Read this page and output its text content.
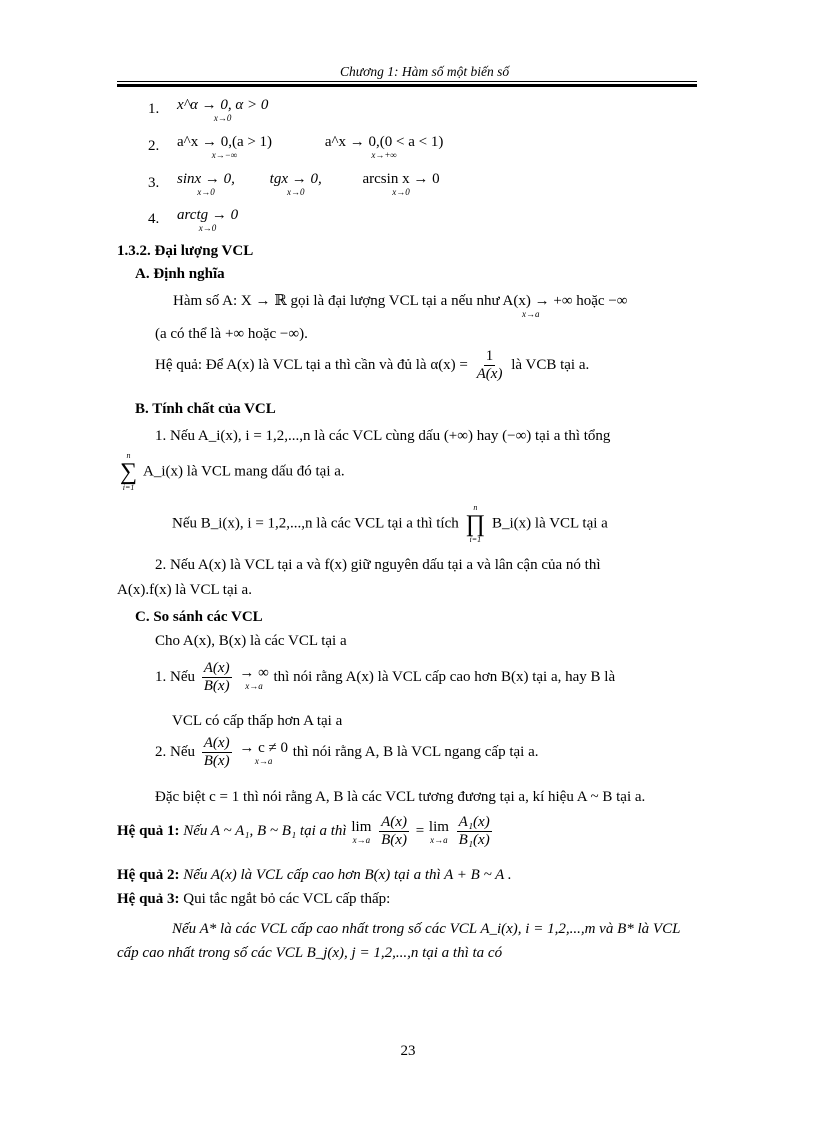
Chương 1: Hàm số một biến số
1. x^α → 0, α > 0
x→0
2. a^x → 0,(a > 1)
x→−∞

a^x → 0,(0 < a < 1)
x→+∞
3. sinx → 0,
x→0

tgx → 0,
x→0

arcsin x → 0
x→0
4. arctg → 0
x→0
1.3.2. Đại lượng VCL
A. Định nghĩa
Hàm số A: X → ℝ gọi là đại lượng VCL tại a nếu như A(x) → +∞ hoặc −∞
x→a
(a có thể là +∞ hoặc −∞).
Hệ quả: Để A(x) là VCL tại a thì cần và đủ là $\alpha(x) = \frac{1}{A(x)}$ là VCB tại a.
B. Tính chất của VCL
1. Nếu A_i(x), i = 1,2,...,n là các VCL cùng dấu (+∞) hay (−∞) tại a thì tổng
n
∑
i=1
A_i(x) là VCL mang dấu đó tại a.
Nếu B_i(x), i = 1,2,...,n là các VCL tại a thì tích
n
∏
i=1
B_i(x) là VCL tại a
2. Nếu A(x) là VCL tại a và f(x) giữ nguyên dấu tại a và lân cận của nó thì
A(x).f(x) là VCL tại a.
C. So sánh các VCL
Cho A(x), B(x) là các VCL tại a
1. Nếu $\frac{A(x)}{B(x)}$
→ ∞
x→a
thì nói rằng A(x) là VCL cấp cao hơn B(x) tại a, hay B là
VCL có cấp thấp hơn A tại a
2. Nếu $\frac{A(x)}{B(x)}$
→ c ≠ 0
x→a
thì nói rằng A, B là VCL ngang cấp tại a.
Đặc biệt c = 1 thì nói rằng A, B là các VCL tương đương tại a, kí hiệu A ~ B tại a.
Hệ quả 1: Nếu A ~ A₁, B ~ B₁ tại a thì lim
x→a
$\frac{A(x)}{B(x)} = \lim$
x→a
$\frac{\text{A₁(x)}}{\text{B₁(x)}}$
Hệ quả 2: Nếu A(x) là VCL cấp cao hơn B(x) tại a thì A + B ~ A .
Hệ quả 3: Qui tắc ngắt bỏ các VCL cấp thấp:
Nếu A* là các VCL cấp cao nhất trong số các VCL A_i(x), i = 1,2,...,m và B* là VCL
cấp cao nhất trong số các VCL B_j(x), j = 1,2,...,n tại a thì ta có
23
